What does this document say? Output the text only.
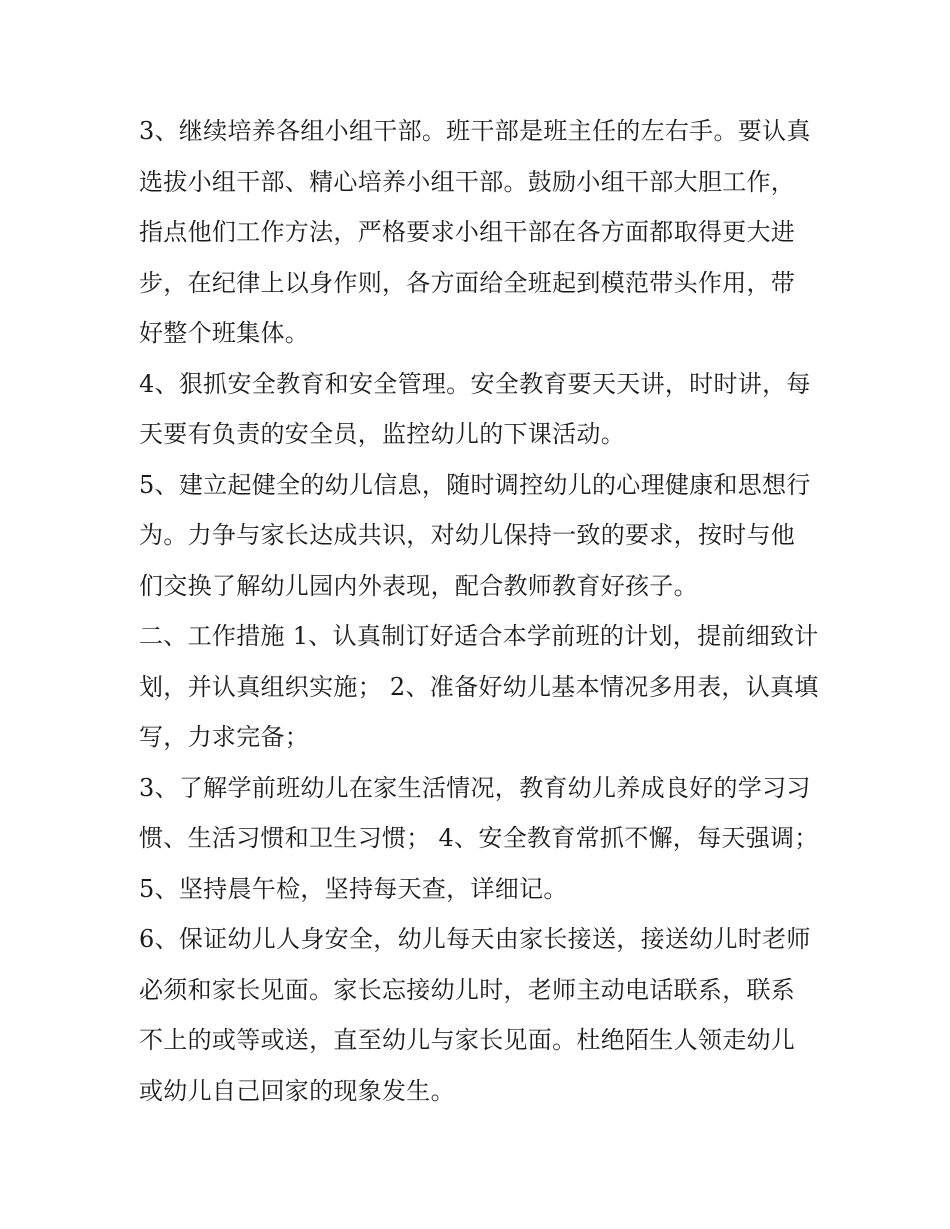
3、继续培养各组小组干部。班干部是班主任的左右手。要认真选拔小组干部、精心培养小组干部。鼓励小组干部大胆工作，指点他们工作方法，严格要求小组干部在各方面都取得更大进步，在纪律上以身作则，各方面给全班起到模范带头作用，带好整个班集体。

4、狠抓安全教育和安全管理。安全教育要天天讲，时时讲，每天要有负责的安全员，监控幼儿的下课活动。

5、建立起健全的幼儿信息，随时调控幼儿的心理健康和思想行为。力争与家长达成共识，对幼儿保持一致的要求，按时与他们交换了解幼儿园内外表现，配合教师教育好孩子。

二、工作措施 1、认真制订好适合本学前班的计划，提前细致计划，并认真组织实施； 2、准备好幼儿基本情况多用表，认真填写，力求完备；

3、了解学前班幼儿在家生活情况，教育幼儿养成良好的学习习惯、生活习惯和卫生习惯； 4、安全教育常抓不懈，每天强调； 5、坚持晨午检，坚持每天查，详细记。

6、保证幼儿人身安全，幼儿每天由家长接送，接送幼儿时老师必须和家长见面。家长忘接幼儿时，老师主动电话联系，联系不上的或等或送，直至幼儿与家长见面。杜绝陌生人领走幼儿或幼儿自己回家的现象发生。
